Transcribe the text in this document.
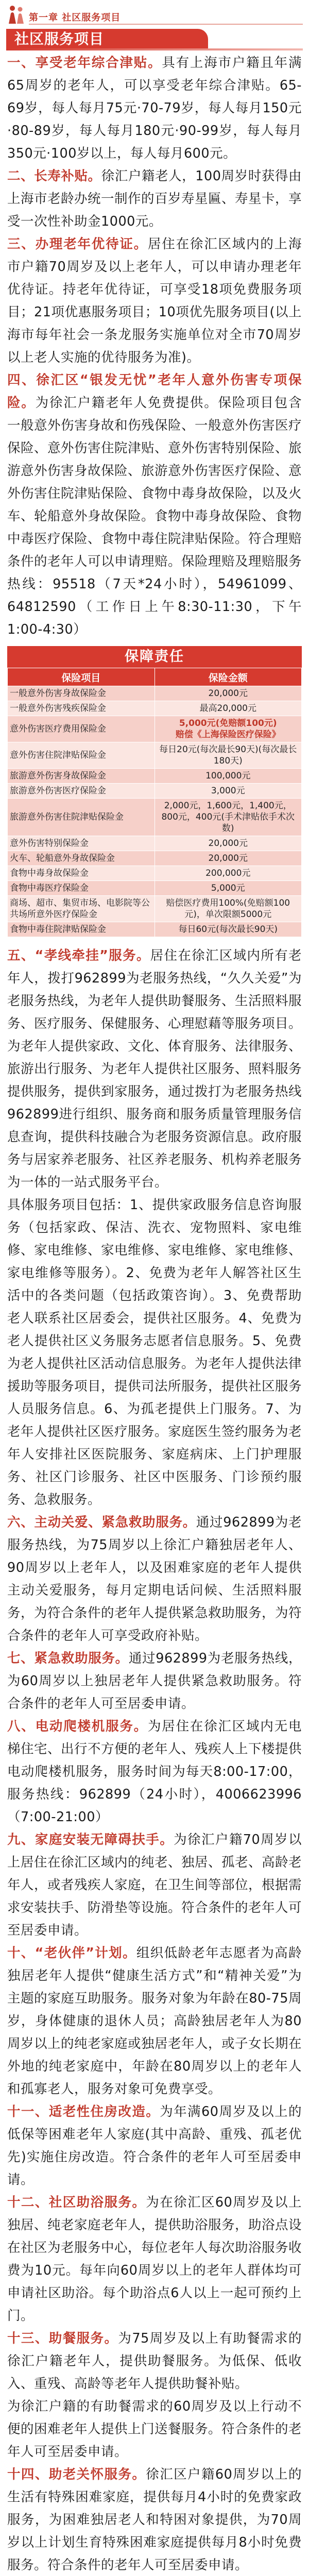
第一章 社区服务项目
社区服务项目

一、享受老年综合津贴。具有上海市户籍且年满65周岁的老年人，可以享受老年综合津贴。65-69岁，每人每月75元·70-79岁，每人每月150元·80-89岁，每人每月180元·90-99岁，每人每月350元·100岁以上，每人每月600元。

二、长寿补贴。徐汇户籍老人，100周岁时获得由上海市老龄办统一制作的百岁寿星匾、寿星卡，享受一次性补助金1000元。

三、办理老年优待证。居住在徐汇区域内的上海市户籍70周岁及以上老年人，可以申请办理老年优待证。持老年优待证，可享受18项免费服务项目；21项优惠服务项目；10项优先服务项目(以上海市每年社会一条龙服务实施单位对全市70周岁以上老人实施的优待服务为准)。

四、徐汇区“银发无忧”老年人意外伤害专项保险。为徐汇户籍老年人免费提供。保险项目包含一般意外伤害身故和伤残保险、一般意外伤害医疗保险、意外伤害住院津贴、意外伤害特别保险、旅游意外伤害身故保险、旅游意外伤害医疗保险、意外伤害住院津贴保险、食物中毒身故保险，以及火车、轮船意外身故保险。食物中毒身故保险、食物中毒医疗保险、食物中毒住院津贴保险。符合理赔条件的老年人可以申请理赔。保险理赔及理赔服务热线：95518（7天*24小时），54961099、64812590（工作日上午8:30-11:30，下午1:00-4:30）

保障责任
保险项目	保险金额
一般意外伤害身故保险金	20,000元
一般意外伤害残疾保险金	最高20,000元
意外伤害医疗费用保险金	5,000元(免赔额100元)
赔偿《上海保险医疗保险》
意外伤害住院津贴保险金	每日20元(每次最长90天)(每次最长180天)
旅游意外伤害身故保险金	100,000元
旅游意外伤害医疗保险金	3,000元
旅游意外伤害住院津贴保险金	2,000元，1,600元，1,400元，800元，400元(手术津贴依手术次数)
意外伤害特别保险金	20,000元
火车、轮船意外身故保险金	20,000元
食物中毒身故保险金	200,000元
食物中毒医疗保险金	5,000元
商场、超市、集贸市场、电影院等公共场所意外医疗保险金	赔偿医疗费用100%(免赔额100元)，单次限额5000元
食物中毒住院津贴保险金	每日60元(每次最长90天)

五、“孝线牵挂”服务。居住在徐汇区域内所有老年人，拨打962899为老服务热线，“久久关爱”为老服务热线，为老年人提供助餐服务、生活照料服务、医疗服务、保健服务、心理慰藉等服务项目。为老年人提供家政、文化、体育服务、法律服务、旅游出行服务、为老年人提供社区服务、照料服务提供服务，提供到家服务，通过拨打为老服务热线962899进行组织、服务商和服务质量管理服务信息查询，提供科技融合为老服务资源信息。政府服务与居家养老服务、社区养老服务、机构养老服务为一体的一站式服务平台。

具体服务项目包括：1、提供家政服务信息咨询服务（包括家政、保洁、洗衣、宠物照料、家电维修、家电维修、家电维修、家电维修、家电维修、家电维修等服务）。2、免费为老年人解答社区生活中的各类问题（包括政策咨询）。3、免费帮助老人联系社区居委会，提供社区服务。4、免费为老人提供社区义务服务志愿者信息服务。5、免费为老人提供社区活动信息服务。为老年人提供法律援助等服务项目，提供司法所服务，提供社区服务人员服务信息。6、为孤老提供上门服务。7、为老年人提供社区医疗服务。家庭医生签约服务为老年人安排社区医院服务、家庭病床、上门护理服务、社区门诊服务、社区中医服务、门诊预约服务、急救服务。

六、主动关爱、紧急救助服务。通过962899为老服务热线，为75周岁以上徐汇户籍独居老年人、90周岁以上老年人，以及困难家庭的老年人提供主动关爱服务，每月定期电话问候、生活照料服务，为符合条件的老年人提供紧急救助服务，为符合条件的老年人可享受政府补贴。

七、紧急救助服务。通过962899为老服务热线，为60周岁以上独居老年人提供紧急救助服务。符合条件的老年人可至居委申请。

八、电动爬楼机服务。为居住在徐汇区域内无电梯住宅、出行不方便的老年人、残疾人上下楼提供电动爬楼机服务，服务时间为每天8:00-17:00，服务热线：962899（24小时），4006623996（7:00-21:00）

九、家庭安装无障碍扶手。为徐汇户籍70周岁以上居住在徐汇区域内的纯老、独居、孤老、高龄老年人，或者残疾人家庭，在卫生间等部位，根据需求安装扶手、防滑垫等设施。符合条件的老年人可至居委申请。

十、“老伙伴”计划。组织低龄老年志愿者为高龄独居老年人提供“健康生活方式”和“精神关爱”为主题的家庭互助服务。服务对象为年龄在80-75周岁，身体健康的退休人员；高龄独居老年人为80周岁以上的纯老家庭或独居老年人，或子女长期在外地的纯老家庭中，年龄在80周岁以上的老年人和孤寡老人，服务对象可免费享受。

十一、适老性住房改造。为年满60周岁及以上的低保等困难老年人家庭(其中高龄、重残、孤老优先)实施住房改造。符合条件的老年人可至居委申请。

十二、社区助浴服务。为在徐汇区60周岁及以上独居、纯老家庭老年人，提供助浴服务，助浴点设在社区为老服务中心，每位老年人每次助浴服务收费为10元。每年向60周岁以上的老年人群体均可申请社区助浴。每个助浴点6人以上一起可预约上门。

十三、助餐服务。为75周岁及以上有助餐需求的徐汇户籍老年人，提供助餐服务。为低保、低收入、重残、高龄等老年人提供助餐补贴。

为徐汇户籍的有助餐需求的60周岁及以上行动不便的困难老年人提供上门送餐服务。符合条件的老年人可至居委申请。

十四、助老关怀服务。徐汇区户籍60周岁以上的生活有特殊困难家庭，提供每月4小时的免费家政服务，为困难独居老人和特困对象提供，为70周岁以上计划生育特殊困难家庭提供每月8小时免费服务。符合条件的老年人可至居委申请。
